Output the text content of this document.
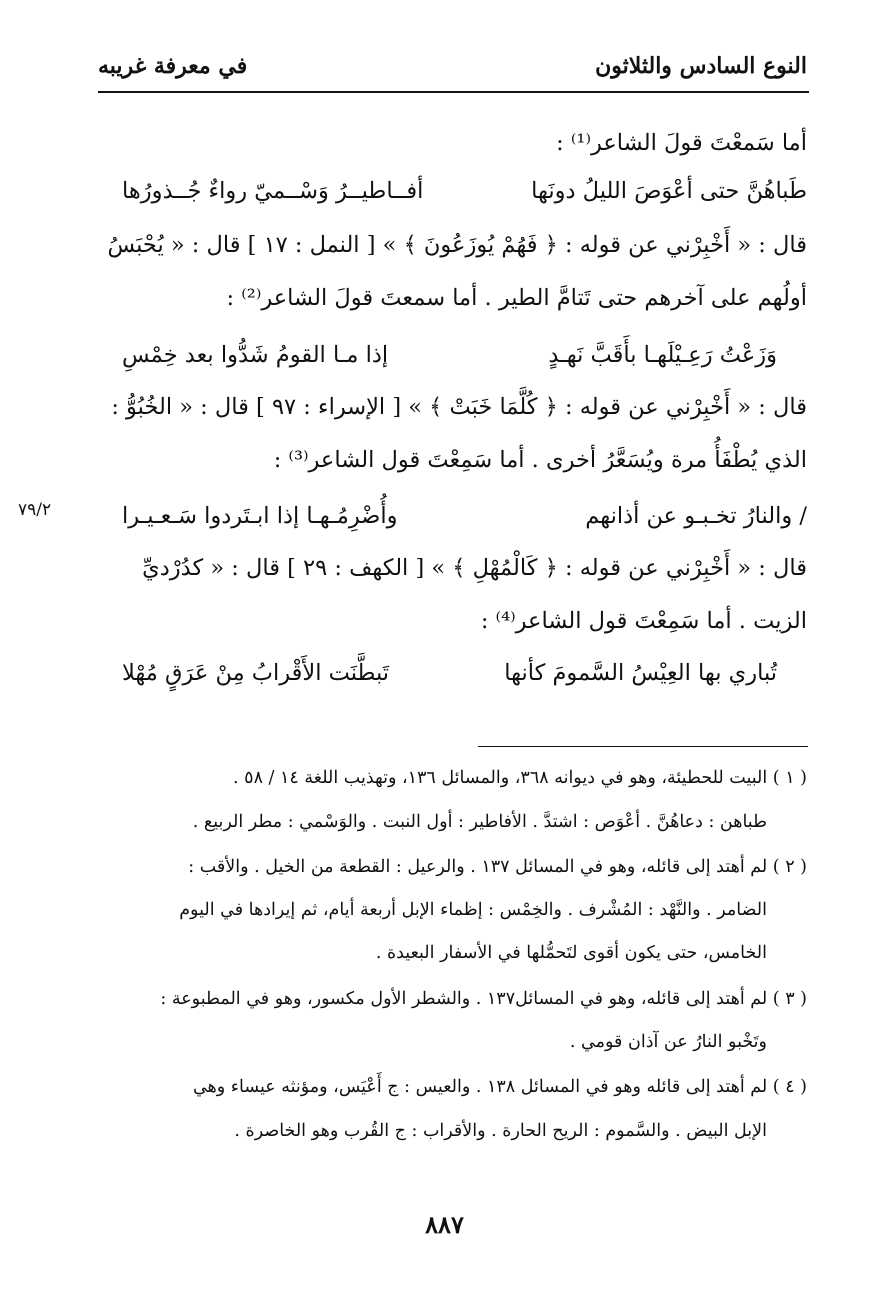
النوع السادس والثلاثون
في معرفة غريبه
أما سَمعْتَ قولَ الشاعر⁽¹⁾ :
طَباهُنَّ حتى أعْوَصَ الليلُ دونَها
أفــاطيــرُ وَسْــميّ رواءٌ جُــذورُها
قال : « أَخْبِرْني عن قوله : ﴿ فَهُمْ يُوزَعُونَ ﴾ » [ النمل : ١٧ ] قال : « يُحْبَسُ
أولُهم على آخرهم حتى تَتامَّ الطير . أما سمعتَ قولَ الشاعر⁽²⁾ :
وَزَعْتُ رَعِـيْلَهـا بأَقَبَّ نَهـدٍ
إذا مـا القومُ شَدُّوا بعد خِمْسِ
قال : « أَخْبِرْني عن قوله : ﴿ كُلَّمَا خَبَتْ ﴾ » [ الإسراء : ٩٧ ] قال : « الخُبُوُّ :
الذي يُطْفَأُ مرة ويُسَعَّرُ أخرى . أما سَمِعْتَ قول الشاعر⁽³⁾ :
/ والنارُ تخـبـو عن أذانهم
وأُضْرِمُـهـا إذا ابـتَردوا سَـعـيـرا
٧٩/٢
قال : « أَخْبِرْني عن قوله : ﴿ كَالْمُهْلِ ﴾ » [ الكهف : ٢٩ ] قال : « كدُرْديِّ
الزيت . أما سَمِعْتَ قول الشاعر⁽⁴⁾ :
تُباري بها العِيْسُ السَّمومَ كأنها
تَبطَّنَت الأَقْرابُ مِنْ عَرَقٍ مُهْلا
( ١ ) البيت للحطيئة، وهو في ديوانه ٣٦٨، والمسائل ١٣٦، وتهذيب اللغة ١٤ / ٥٨ .
طباهن : دعاهُنَّ . أعْوَص : اشتدَّ . الأفاطير : أول النبت . والوَسْمي : مطر الربيع .
( ٢ ) لم أهتد إلى قائله، وهو في المسائل ١٣٧ . والرعيل : القطعة من الخيل . والأقب :
الضامر . والنَّهْد : المُشْرف . والخِمْس : إظماء الإبل أربعة أيام، ثم إيرادها في اليوم
الخامس، حتى يكون أقوى لتَحمُّلها في الأسفار البعيدة .
( ٣ ) لم أهتد إلى قائله، وهو في المسائل١٣٧ . والشطر الأول مكسور، وهو في المطبوعة :
وتَخْبو النارُ عن آذان قومي .
( ٤ ) لم أهتد إلى قائله وهو في المسائل ١٣٨ . والعيس : ج أَعْيَس، ومؤنثه عيساء وهي
الإبل البيض . والسَّموم : الريح الحارة . والأقراب : ج القُرب وهو الخاصرة .
٨٨٧
